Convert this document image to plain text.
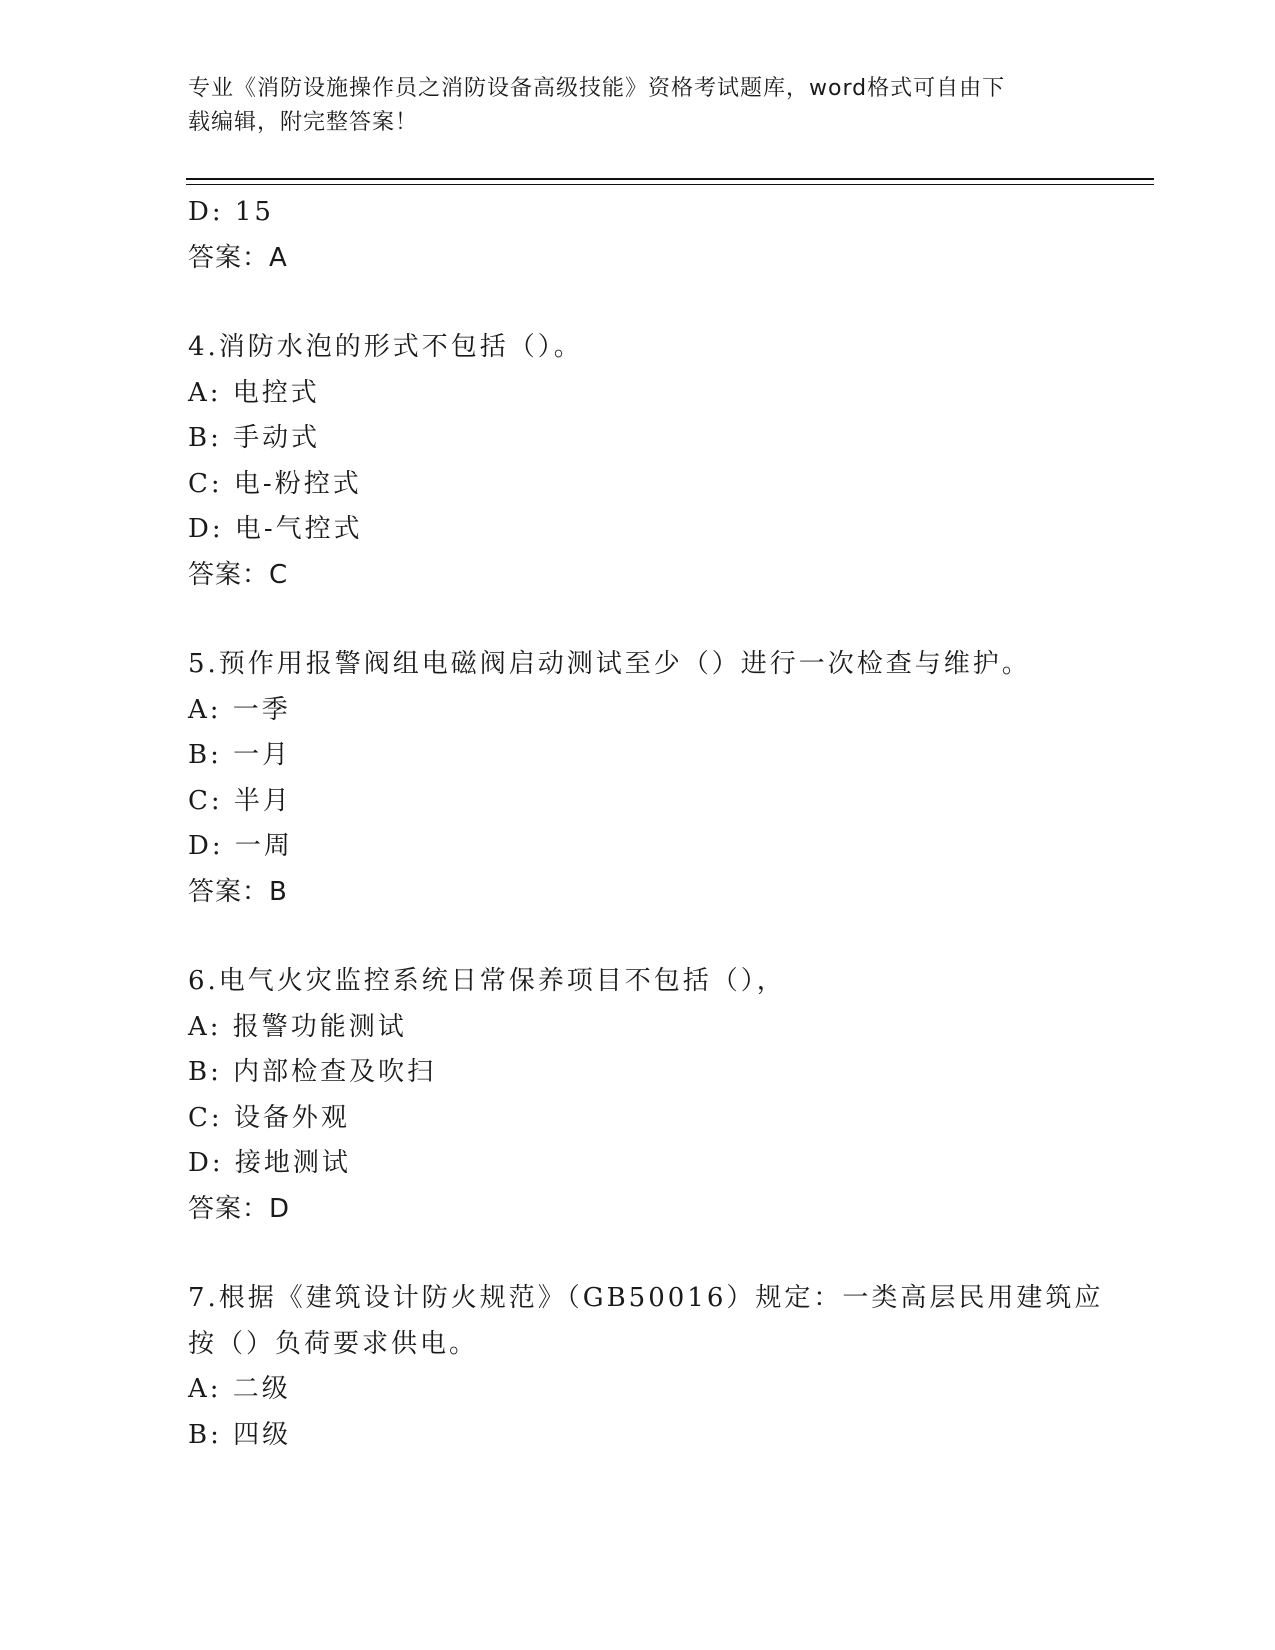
专业《消防设施操作员之消防设备高级技能》资格考试题库，word格式可自由下
载编辑，附完整答案！
D: 15
答案：A
4.消防水泡的形式不包括（）。
A: 电控式
B: 手动式
C: 电-粉控式
D: 电-气控式
答案：C
5.预作用报警阀组电磁阀启动测试至少（）进行一次检查与维护。
A: 一季
B: 一月
C: 半月
D: 一周
答案：B
6.电气火灾监控系统日常保养项目不包括（），
A: 报警功能测试
B: 内部检查及吹扫
C: 设备外观
D: 接地测试
答案：D
7.根据《建筑设计防火规范》（GB50016）规定：一类高层民用建筑应
按（）负荷要求供电。
A: 二级
B: 四级
